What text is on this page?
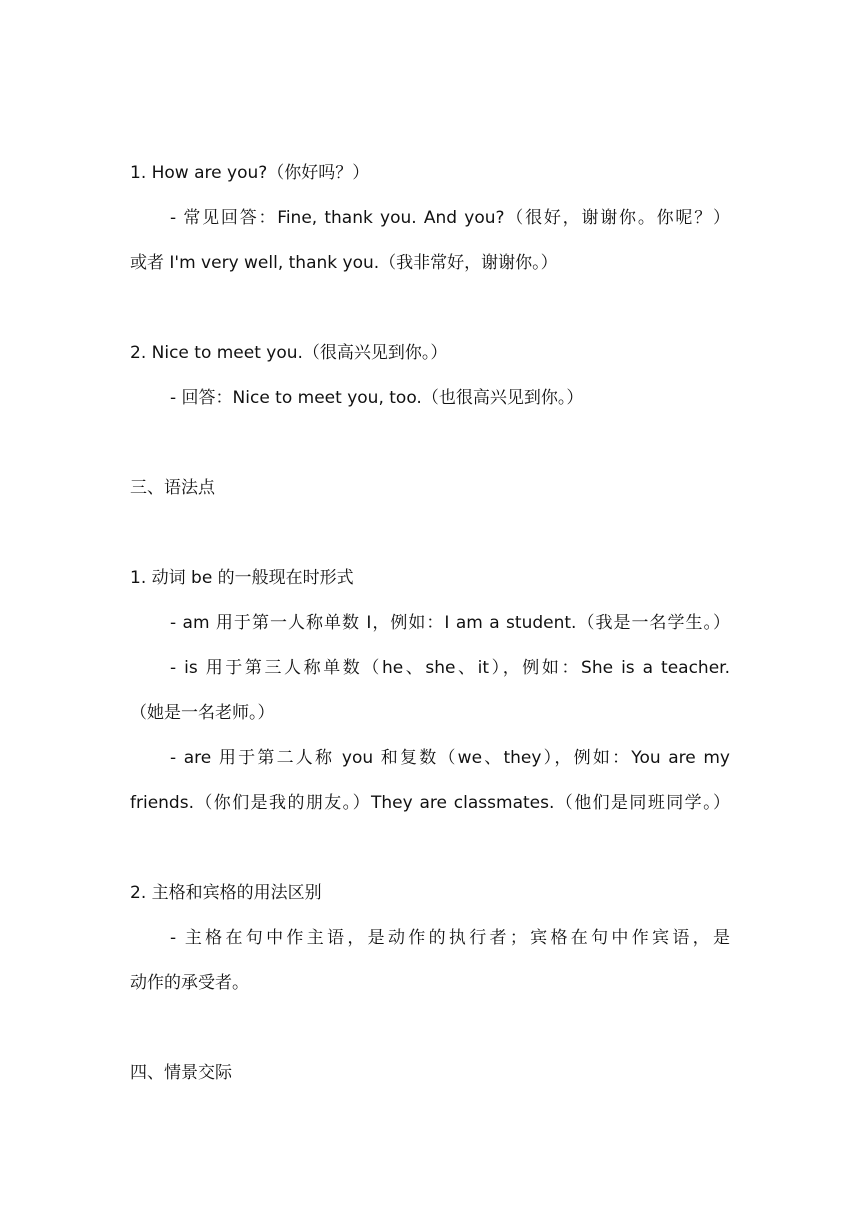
1. How are you?（你好吗？）
- 常见回答：Fine, thank you. And you?（很好，谢谢你。你呢？）
或者 I'm very well, thank you.（我非常好，谢谢你。）
2. Nice to meet you.（很高兴见到你。）
- 回答：Nice to meet you, too.（也很高兴见到你。）
三、语法点
1. 动词 be 的一般现在时形式
- am 用于第一人称单数 I，例如：I am a student.（我是一名学生。）
- is 用于第三人称单数（he、she、it），例如：She is a teacher.
（她是一名老师。）
- are 用于第二人称 you 和复数（we、they），例如：You are my
friends.（你们是我的朋友。）They are classmates.（他们是同班同学。）
2. 主格和宾格的用法区别
- 主格在句中作主语，是动作的执行者；宾格在句中作宾语，是
动作的承受者。
四、情景交际
